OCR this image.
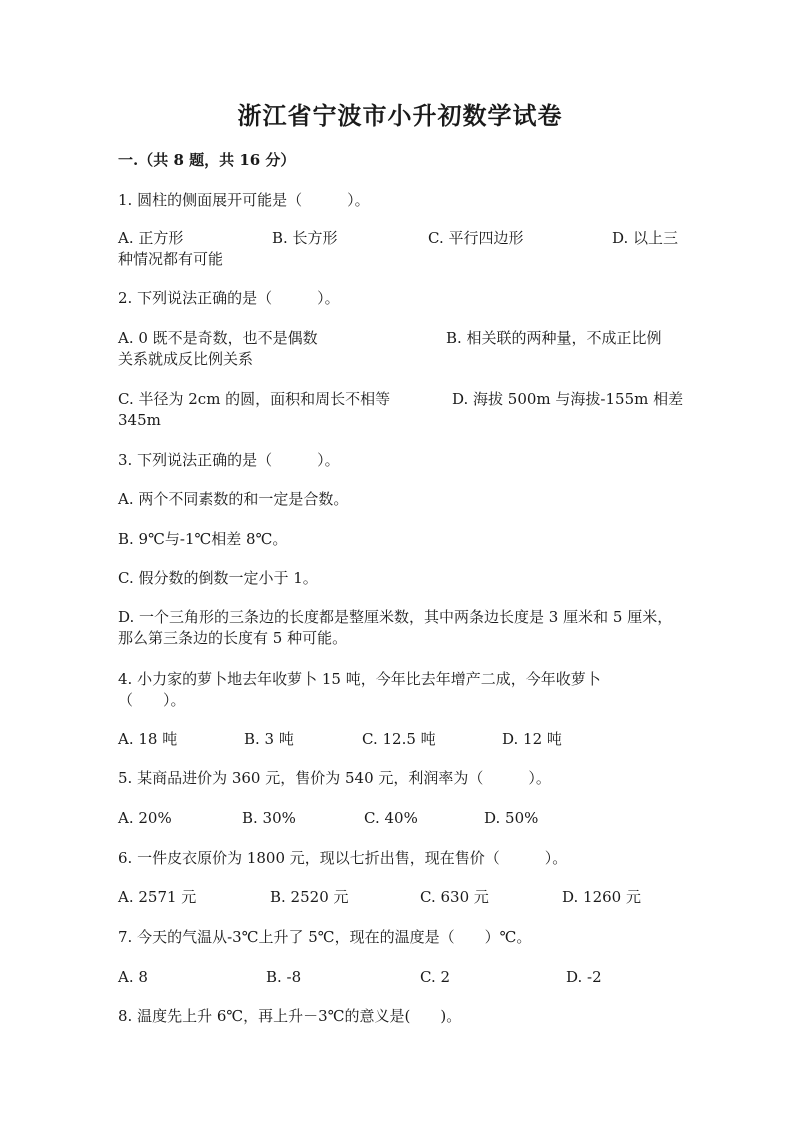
浙江省宁波市小升初数学试卷
一.（共 8 题，共 16 分）
1. 圆柱的侧面展开可能是（　　　）。
A. 正方形	B. 长方形	C. 平行四边形	D. 以上三
种情况都有可能
2. 下列说法正确的是（　　　）。
A. 0 既不是奇数，也不是偶数	B. 相关联的两种量，不成正比例
关系就成反比例关系
C. 半径为 2cm 的圆，面积和周长不相等	D. 海拔 500m 与海拔-155m 相差
345m
3. 下列说法正确的是（　　　）。
A. 两个不同素数的和一定是合数。
B. 9℃与-1℃相差 8℃。
C. 假分数的倒数一定小于 1。
D. 一个三角形的三条边的长度都是整厘米数，其中两条边长度是 3 厘米和 5 厘米，那么第三条边的长度有 5 种可能。
4. 小力家的萝卜地去年收萝卜 15 吨，今年比去年增产二成，今年收萝卜
（　　）。
A. 18 吨	B. 3 吨	C. 12.5 吨	D. 12 吨
5. 某商品进价为 360 元，售价为 540 元，利润率为（　　　）。
A. 20%	B. 30%	C. 40%	D. 50%
6. 一件皮衣原价为 1800 元，现以七折出售，现在售价（　　　）。
A. 2571 元	B. 2520 元	C. 630 元	D. 1260 元
7. 今天的气温从-3℃上升了 5℃，现在的温度是（　　）℃。
A. 8	B. -8	C. 2	D. -2
8. 温度先上升 6℃，再上升－3℃的意义是(　　)。
